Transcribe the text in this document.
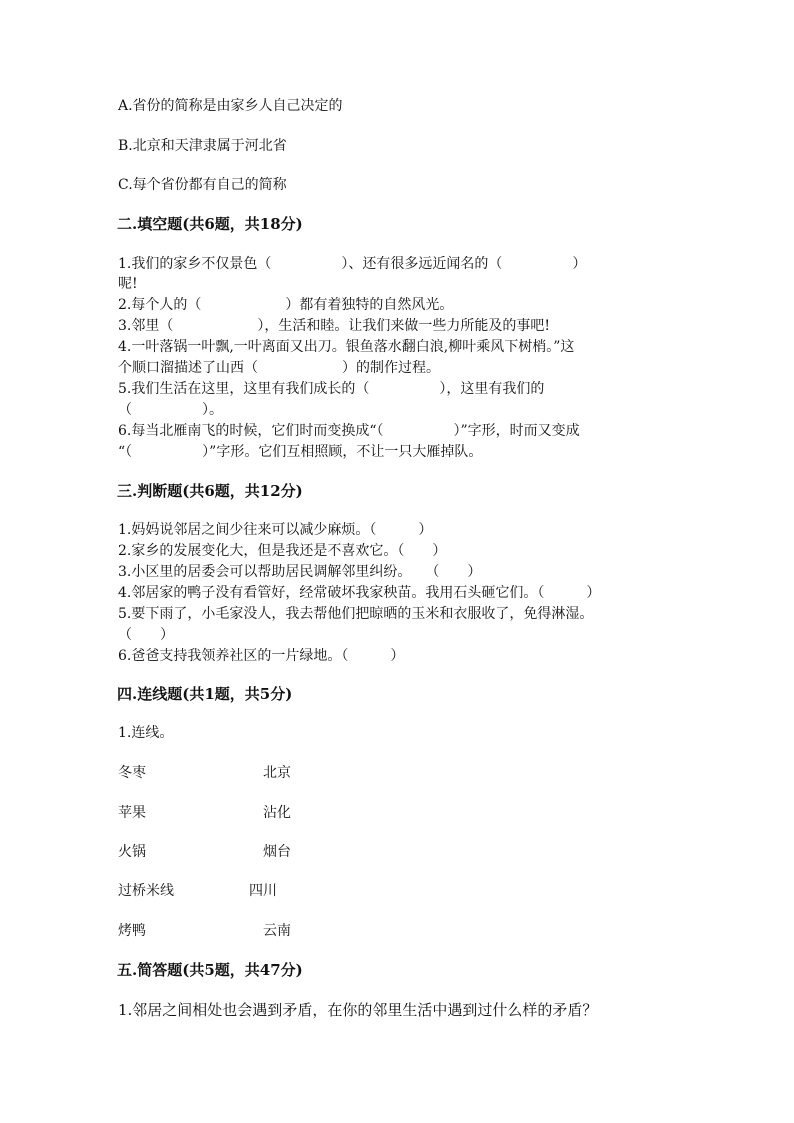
A.省份的简称是由家乡人自己决定的
B.北京和天津隶属于河北省
C.每个省份都有自己的简称
二.填空题(共6题，共18分)
1.我们的家乡不仅景色（　　　　　）、还有很多远近闻名的（　　　　　）
呢!
2.每个人的（　　　　　　）都有着独特的自然风光。
3.邻里（　　　　　　），生活和睦。让我们来做一些力所能及的事吧!
4.一叶落锅一叶飘,一叶离面又出刀。银鱼落水翻白浪,柳叶乘风下树梢。”这
个顺口溜描述了山西（　　　　　　）的制作过程。
5.我们生活在这里，这里有我们成长的（　　　　　），这里有我们的
（　　　　　）。
6.每当北雁南飞的时候，它们时而变换成“（　　　　　）”字形，时而又变成
“（　　　　　）”字形。它们互相照顾，不让一只大雁掉队。
三.判断题(共6题，共12分)
1.妈妈说邻居之间少往来可以减少麻烦。（　　　）
2.家乡的发展变化大，但是我还是不喜欢它。（　　）
3.小区里的居委会可以帮助居民调解邻里纠纷。　　（　　）
4.邻居家的鸭子没有看管好，经常破坏我家秧苗。我用石头砸它们。（　　　）
5.要下雨了，小毛家没人，我去帮他们把晾晒的玉米和衣服收了，免得淋湿。
（　　）
6.爸爸支持我领养社区的一片绿地。（　　　）
四.连线题(共1题，共5分)
1.连线。
冬枣	北京
苹果	沾化
火锅	烟台
过桥米线	四川
烤鸭	云南
五.简答题(共5题，共47分)
1.邻居之间相处也会遇到矛盾，在你的邻里生活中遇到过什么样的矛盾？
